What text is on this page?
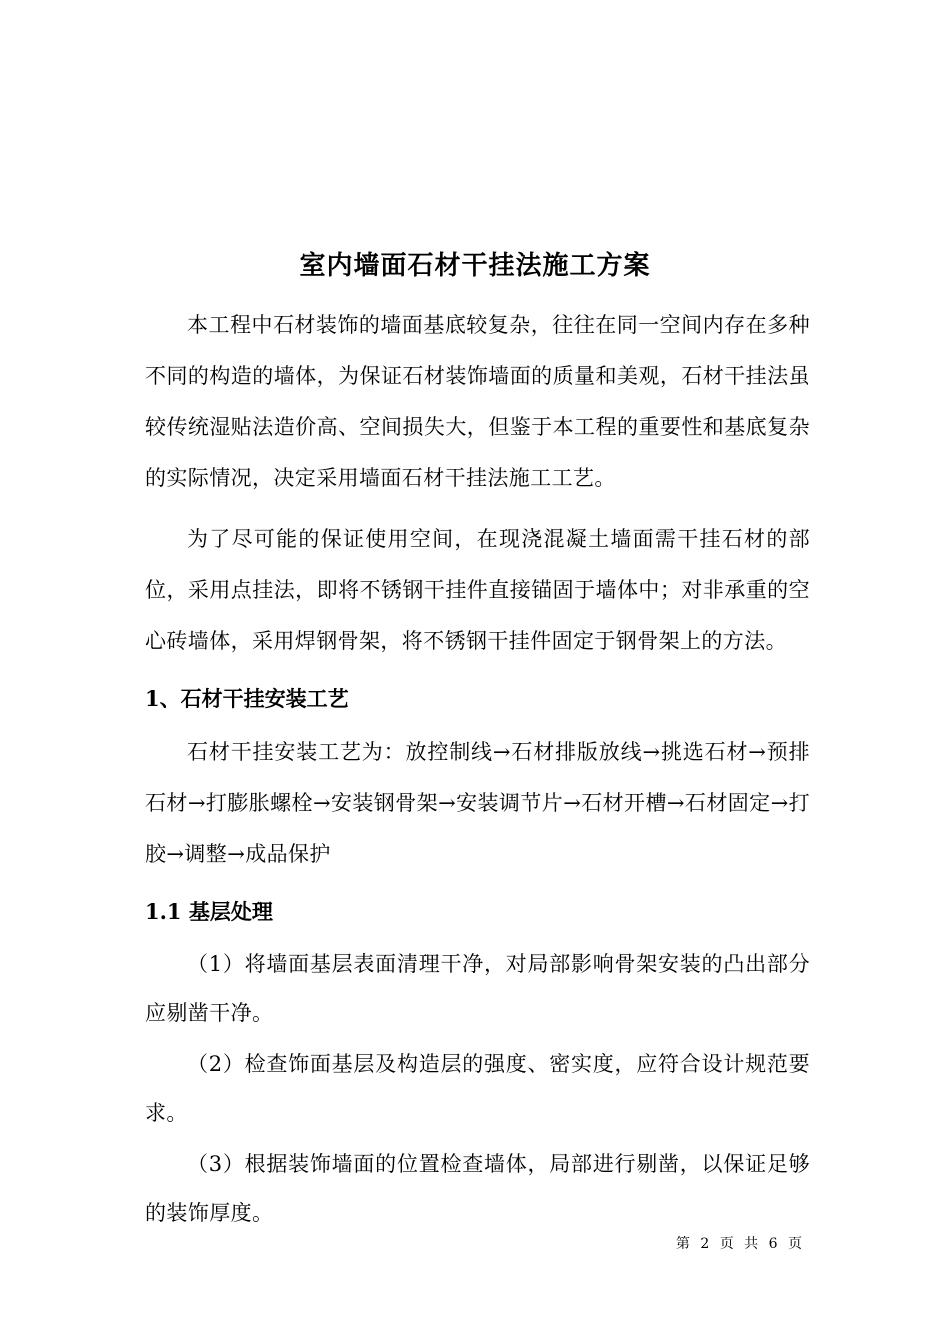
室内墙面石材干挂法施工方案

本工程中石材装饰的墙面基底较复杂，往往在同一空间内存在多种不同的构造的墙体，为保证石材装饰墙面的质量和美观，石材干挂法虽较传统湿贴法造价高、空间损失大，但鉴于本工程的重要性和基底复杂的实际情况，决定采用墙面石材干挂法施工工艺。

为了尽可能的保证使用空间，在现浇混凝土墙面需干挂石材的部位，采用点挂法，即将不锈钢干挂件直接锚固于墙体中；对非承重的空心砖墙体，采用焊钢骨架，将不锈钢干挂件固定于钢骨架上的方法。

1、石材干挂安装工艺

石材干挂安装工艺为：放控制线→石材排版放线→挑选石材→预排石材→打膨胀螺栓→安装钢骨架→安装调节片→石材开槽→石材固定→打胶→调整→成品保护

1.1 基层处理

（1）将墙面基层表面清理干净，对局部影响骨架安装的凸出部分应剔凿干净。

（2）检查饰面基层及构造层的强度、密实度，应符合设计规范要求。

（3）根据装饰墙面的位置检查墙体，局部进行剔凿，以保证足够的装饰厚度。

第 2 页 共 6 页
